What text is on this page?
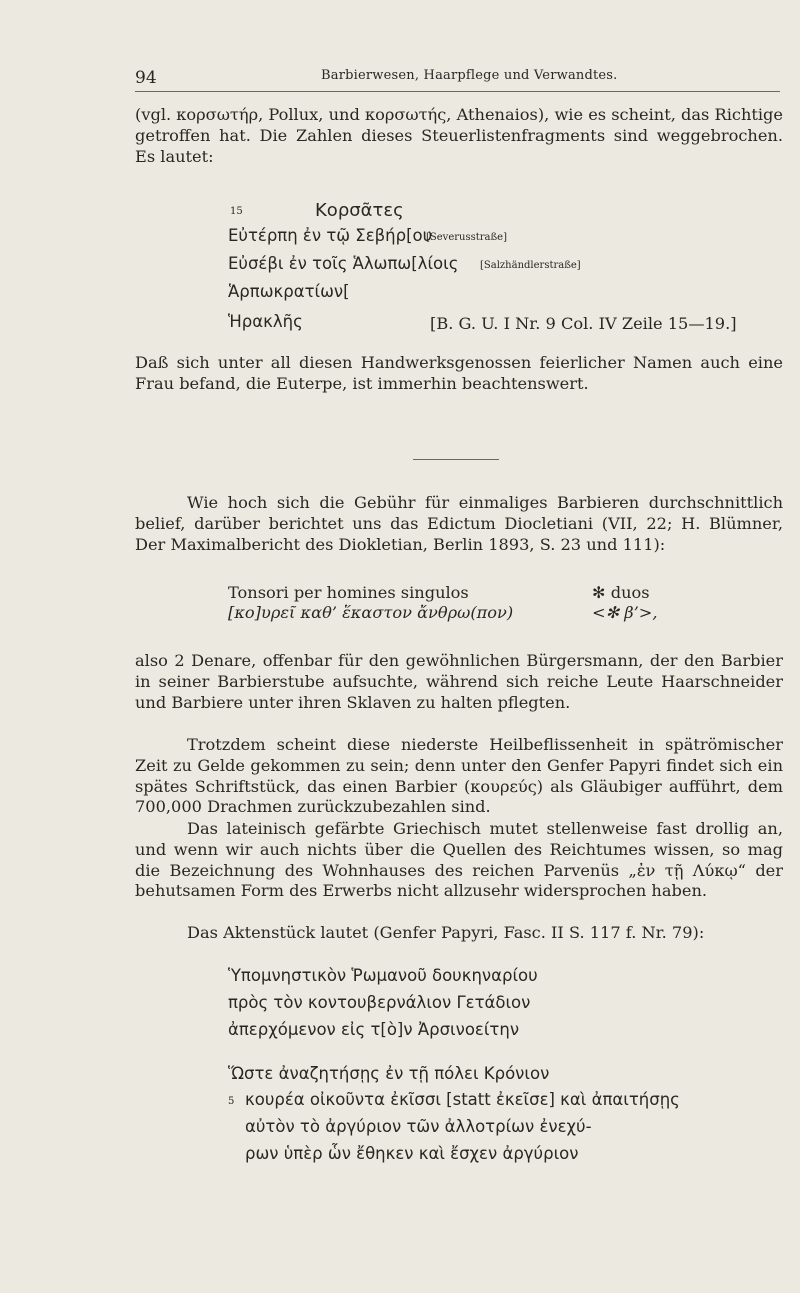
94	Barbierwesen, Haarpflege und Verwandtes.

(vgl. κορσωτήρ, Pollux, und κορσωτής, Athenaios), wie es scheint, das Richtige getroffen hat. Die Zahlen dieses Steuerlistenfragments sind weggebrochen. Es lautet:

15	Κορσᾶτες
Εὐτέρπη ἐν τῷ Σεβήρ[ου
[Severusstraße]
Εὐσέβι ἐν τοῖς Ἁλωπω[λίοις [Salzhändlerstraße]
Ἁρπωκρατίων[
Ἡρακλῆς	[B. G. U. I Nr. 9 Col. IV Zeile 15—19.]

Daß sich unter all diesen Handwerksgenossen feierlicher Namen auch eine Frau befand, die Euterpe, ist immerhin beachtenswert.

Wie hoch sich die Gebühr für einmaliges Barbieren durchschnittlich belief, darüber berichtet uns das Edictum Diocletiani (VII, 22; H. Blümner, Der Maximalbericht des Diokletian, Berlin 1893, S. 23 und 111):

Tonsori per homines singulos	✻ duos
[κο]υρεῖ καθ’ ἕκαστον ἄνθρω(πον)	<✻ β’>,

also 2 Denare, offenbar für den gewöhnlichen Bürgersmann, der den Barbier in seiner Barbierstube aufsuchte, während sich reiche Leute Haarschneider und Barbiere unter ihren Sklaven zu halten pflegten.

Trotzdem scheint diese niederste Heilbeflissenheit in spätrömischer Zeit zu Gelde gekommen zu sein; denn unter den Genfer Papyri findet sich ein spätes Schriftstück, das einen Barbier (κουρεύς) als Gläubiger aufführt, dem 700,000 Drachmen zurückzubezahlen sind.

Das lateinisch gefärbte Griechisch mutet stellenweise fast drollig an, und wenn wir auch nichts über die Quellen des Reichtumes wissen, so mag die Bezeichnung des Wohnhauses des reichen Parvenüs „ἐν τῇ Λύκῳ“ der behutsamen Form des Erwerbs nicht allzusehr widersprochen haben.

Das Aktenstück lautet (Genfer Papyri, Fasc. II S. 117 f. Nr. 79):

Ὑπομνηστικὸν Ῥωμανοῦ δουκηναρίου
πρὸς τὸν κοντουβερνάλιον Γετάδιον
ἀπερχόμενον εἰς τ[ὸ]ν Ἀρσινοείτην
Ὥστε ἀναζητήσῃς ἐν τῇ πόλει Κρόνιον
5 κουρέα οἰκοῦντα ἐκῖσσι [statt ἐκεῖσε] καὶ ἀπαιτήσῃς
αὐτὸν τὸ ἀργύριον τῶν ἀλλοτρίων ἐνεχύ-
ρων ὑπὲρ ὧν ἔθηκεν καὶ ἔσχεν ἀργύριον
